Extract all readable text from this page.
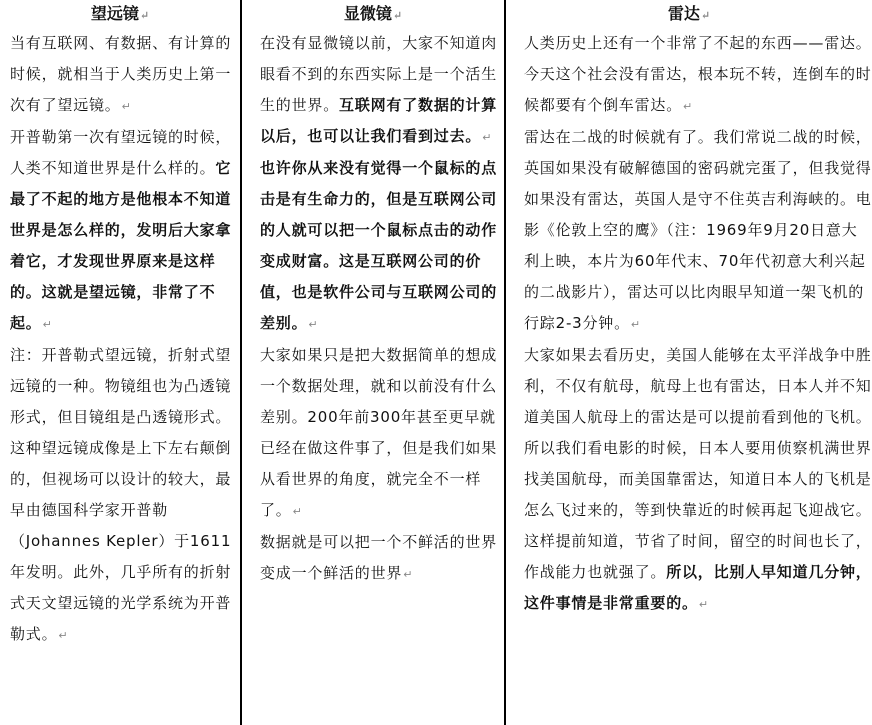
望远镜↵

当有互联网、有数据、有计算的时候，就相当于人类历史上第一次有了望远镜。↵

开普勒第一次有望远镜的时候，人类不知道世界是什么样的。它最了不起的地方是他根本不知道世界是怎么样的，发明后大家拿着它，才发现世界原来是这样的。这就是望远镜，非常了不起。↵

注：开普勒式望远镜，折射式望远镜的一种。物镜组也为凸透镜形式，但目镜组是凸透镜形式。这种望远镜成像是上下左右颠倒的，但视场可以设计的较大，最早由德国科学家开普勒（Johannes Kepler）于1611年发明。此外，几乎所有的折射式天文望远镜的光学系统为开普勒式。↵

显微镜↵

在没有显微镜以前，大家不知道肉眼看不到的东西实际上是一个活生生的世界。互联网有了数据的计算以后，也可以让我们看到过去。↵

也许你从来没有觉得一个鼠标的点击是有生命力的，但是互联网公司的人就可以把一个鼠标点击的动作变成财富。这是互联网公司的价值，也是软件公司与互联网公司的差别。↵

大家如果只是把大数据简单的想成一个数据处理，就和以前没有什么差别。200年前300年甚至更早就已经在做这件事了，但是我们如果从看世界的角度，就完全不一样了。↵

数据就是可以把一个不鲜活的世界变成一个鲜活的世界↵

雷达↵

人类历史上还有一个非常了不起的东西——雷达。今天这个社会没有雷达，根本玩不转，连倒车的时候都要有个倒车雷达。↵

雷达在二战的时候就有了。我们常说二战的时候，英国如果没有破解德国的密码就完蛋了，但我觉得如果没有雷达，英国人是守不住英吉利海峡的。电影《伦敦上空的鹰》（注：1969年9月20日意大利上映，本片为60年代末、70年代初意大利兴起的二战影片），雷达可以比肉眼早知道一架飞机的行踪2-3分钟。↵

大家如果去看历史，美国人能够在太平洋战争中胜利，不仅有航母，航母上也有雷达，日本人并不知道美国人航母上的雷达是可以提前看到他的飞机。所以我们看电影的时候，日本人要用侦察机满世界找美国航母，而美国靠雷达，知道日本人的飞机是怎么飞过来的，等到快靠近的时候再起飞迎战它。这样提前知道，节省了时间，留空的时间也长了，作战能力也就强了。所以，比别人早知道几分钟，这件事情是非常重要的。↵
